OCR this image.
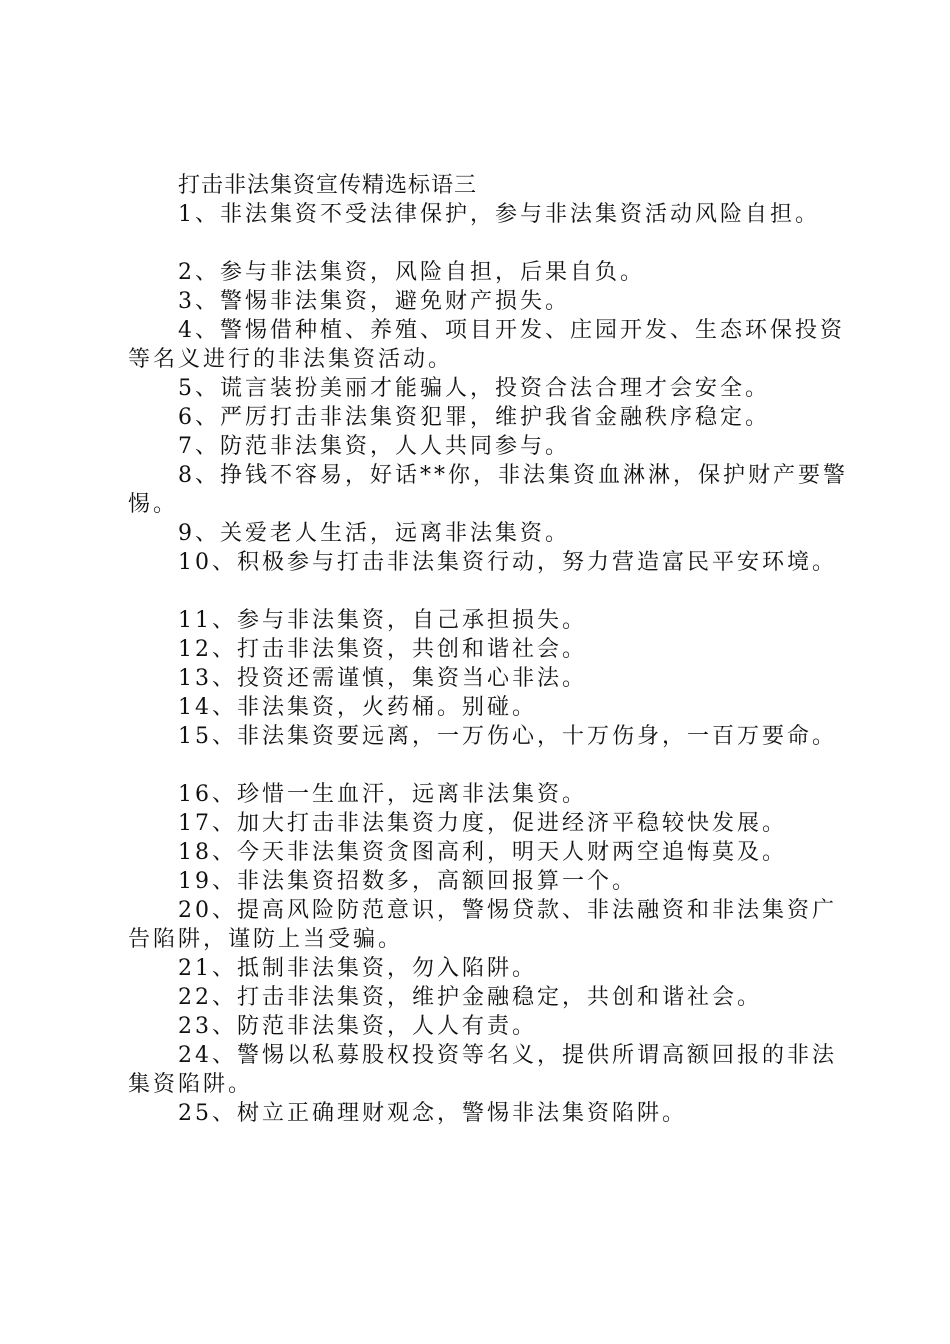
打击非法集资宣传精选标语三

1、非法集资不受法律保护，参与非法集资活动风险自担。

2、参与非法集资，风险自担，后果自负。

3、警惕非法集资，避免财产损失。

4、警惕借种植、养殖、项目开发、庄园开发、生态环保投资等名义进行的非法集资活动。

5、谎言装扮美丽才能骗人，投资合法合理才会安全。

6、严厉打击非法集资犯罪，维护我省金融秩序稳定。

7、防范非法集资，人人共同参与。

8、挣钱不容易，好话**你，非法集资血淋淋，保护财产要警惕。

9、关爱老人生活，远离非法集资。

10、积极参与打击非法集资行动，努力营造富民平安环境。

11、参与非法集资，自己承担损失。

12、打击非法集资，共创和谐社会。

13、投资还需谨慎，集资当心非法。

14、非法集资，火药桶。别碰。

15、非法集资要远离，一万伤心，十万伤身，一百万要命。

16、珍惜一生血汗，远离非法集资。

17、加大打击非法集资力度，促进经济平稳较快发展。

18、今天非法集资贪图高利，明天人财两空追悔莫及。

19、非法集资招数多，高额回报算一个。

20、提高风险防范意识，警惕贷款、非法融资和非法集资广告陷阱，谨防上当受骗。

21、抵制非法集资，勿入陷阱。

22、打击非法集资，维护金融稳定，共创和谐社会。

23、防范非法集资，人人有责。

24、警惕以私募股权投资等名义，提供所谓高额回报的非法集资陷阱。

25、树立正确理财观念，警惕非法集资陷阱。
